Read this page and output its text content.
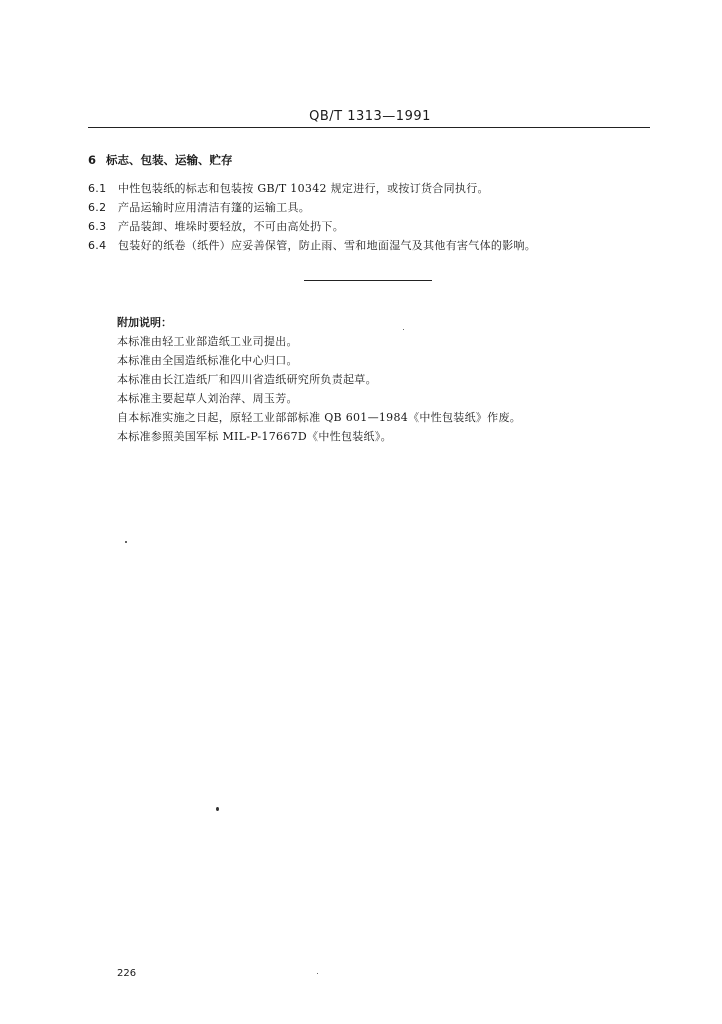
QB/T 1313—1991
6 标志、包装、运输、贮存
6.1 中性包装纸的标志和包装按 GB/T 10342 规定进行，或按订货合同执行。
6.2 产品运输时应用清洁有篷的运输工具。
6.3 产品装卸、堆垛时要轻放，不可由高处扔下。
6.4 包装好的纸卷（纸件）应妥善保管，防止雨、雪和地面湿气及其他有害气体的影响。
附加说明：
本标准由轻工业部造纸工业司提出。
本标准由全国造纸标准化中心归口。
本标准由长江造纸厂和四川省造纸研究所负责起草。
本标准主要起草人刘治萍、周玉芳。
自本标准实施之日起，原轻工业部部标准 QB 601—1984《中性包装纸》作废。
本标准参照美国军标 MIL-P-17667D《中性包装纸》。
226
